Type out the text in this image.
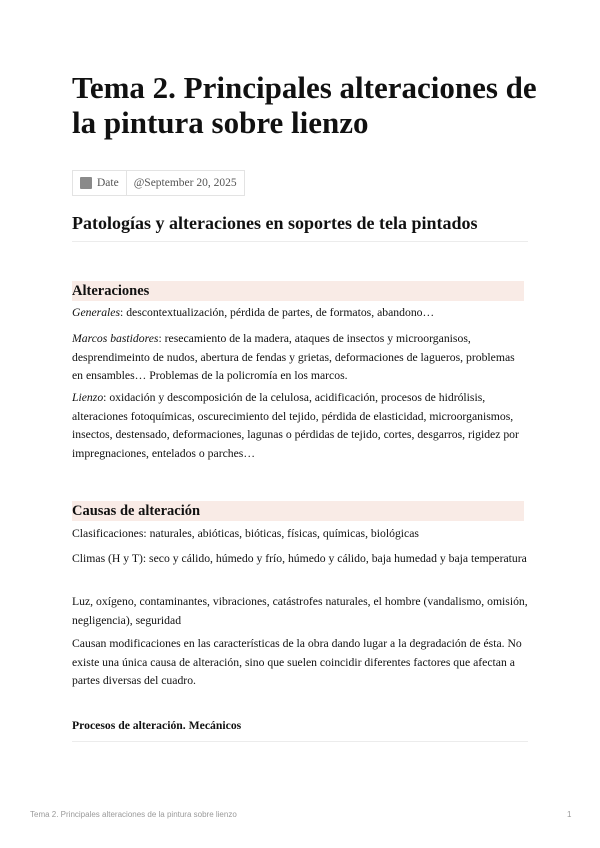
Tema 2. Principales alteraciones de la pintura sobre lienzo
Date @September 20, 2025
Patologías y alteraciones en soportes de tela pintados
Alteraciones

Generales: descontextualización, pérdida de partes, de formatos, abandono…

Marcos bastidores: resecamiento de la madera, ataques de insectos y microorganisos, desprendimeinto de nudos, abertura de fendas y grietas, deformaciones de lagueros, problemas en ensambles… Problemas de la policromía en los marcos.

Lienzo: oxidación y descomposición de la celulosa, acidificación, procesos de hidrólisis, alteraciones fotoquímicas, oscurecimiento del tejido, pérdida de elasticidad, microorganismos, insectos, destensado, deformaciones, lagunas o pérdidas de tejido, cortes, desgarros, rigidez por impregnaciones, entelados o parches…

Causas de alteración

Clasificaciones: naturales, abióticas, bióticas, físicas, químicas, biológicas

Climas (H y T): seco y cálido, húmedo y frío, húmedo y cálido, baja humedad y baja temperatura

Luz, oxígeno, contaminantes, vibraciones, catástrofes naturales, el hombre (vandalismo, omisión, negligencia), seguridad

Causan modificaciones en las características de la obra dando lugar a la degradación de ésta. No existe una única causa de alteración, sino que suelen coincidir diferentes factores que afectan a partes diversas del cuadro.

Procesos de alteración. Mecánicos
Tema 2. Principales alteraciones de la pintura sobre lienzo	1
